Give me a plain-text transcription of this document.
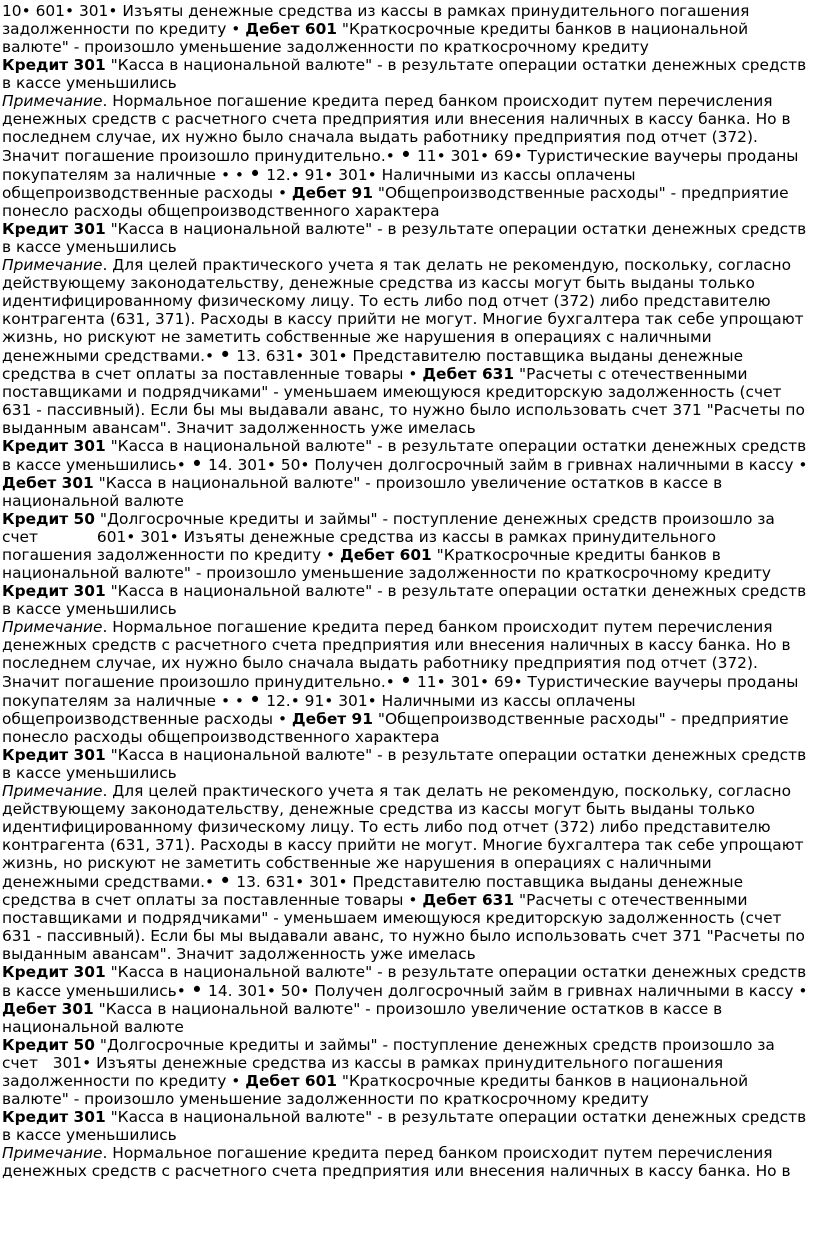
10• 601• 301• Изъяты денежные средства из кассы в рамках принудительного погашения задолженности по кредиту • Дебет 601 "Краткосрочные кредиты банков в национальной валюте" - произошло уменьшение задолженности по краткосрочному кредиту

Кредит 301 "Касса в национальной валюте" - в результате операции остатки денежных средств в кассе уменьшились

Примечание. Нормальное погашение кредита перед банком происходит путем перечисления денежных средств с расчетного счета предприятия или внесения наличных в кассу банка. Но в последнем случае, их нужно было сначала выдать работнику предприятия под отчет (372). Значит погашение произошло принудительно.• • 11• 301• 69• Туристические ваучеры проданы покупателям за наличные • • • 12.• 91• 301• Наличными из кассы оплачены общепроизводственные расходы • Дебет 91 "Общепроизводственные расходы" - предприятие понесло расходы общепроизводственного характера

Кредит 301 "Касса в национальной валюте" - в результате операции остатки денежных средств в кассе уменьшились

Примечание. Для целей практического учета я так делать не рекомендую, поскольку, согласно действующему законодательству, денежные средства из кассы могут быть выданы только идентифицированному физическому лицу. То есть либо под отчет (372) либо представителю контрагента (631, 371). Расходы в кассу прийти не могут. Многие бухгалтера так себе упрощают жизнь, но рискуют не заметить собственные же нарушения в операциях с наличными денежными средствами.• • 13. 631• 301• Представителю поставщика выданы денежные средства в счет оплаты за поставленные товары • Дебет 631 "Расчеты с отечественными поставщиками и подрядчиками" - уменьшаем имеющуюся кредиторскую задолженность (счет 631 - пассивный). Если бы мы выдавали аванс, то нужно было использовать счет 371 "Расчеты по выданным авансам". Значит задолженность уже имелась

Кредит 301 "Касса в национальной валюте" - в результате операции остатки денежных средств в кассе уменьшились• • 14. 301• 50• Получен долгосрочный займ в гривнах наличными в кассу • Дебет 301 "Касса в национальной валюте" - произошло увеличение остатков в кассе в национальной валюте

Кредит 50 "Долгосрочные кредиты и займы" - поступление денежных средств произошло за счет	601• 301• Изъяты денежные средства из кассы в рамках принудительного погашения задолженности по кредиту • Дебет 601 "Краткосрочные кредиты банков в национальной валюте" - произошло уменьшение задолженности по краткосрочному кредиту

Кредит 301 "Касса в национальной валюте" - в результате операции остатки денежных средств в кассе уменьшились

Примечание. Нормальное погашение кредита перед банком происходит путем перечисления денежных средств с расчетного счета предприятия или внесения наличных в кассу банка. Но в последнем случае, их нужно было сначала выдать работнику предприятия под отчет (372). Значит погашение произошло принудительно.• • 11• 301• 69• Туристические ваучеры проданы покупателям за наличные • • • 12.• 91• 301• Наличными из кассы оплачены общепроизводственные расходы • Дебет 91 "Общепроизводственные расходы" - предприятие понесло расходы общепроизводственного характера

Кредит 301 "Касса в национальной валюте" - в результате операции остатки денежных средств в кассе уменьшились

Примечание. Для целей практического учета я так делать не рекомендую, поскольку, согласно действующему законодательству, денежные средства из кассы могут быть выданы только идентифицированному физическому лицу. То есть либо под отчет (372) либо представителю контрагента (631, 371). Расходы в кассу прийти не могут. Многие бухгалтера так себе упрощают жизнь, но рискуют не заметить собственные же нарушения в операциях с наличными денежными средствами.• • 13. 631• 301• Представителю поставщика выданы денежные средства в счет оплаты за поставленные товары • Дебет 631 "Расчеты с отечественными поставщиками и подрядчиками" - уменьшаем имеющуюся кредиторскую задолженность (счет 631 - пассивный). Если бы мы выдавали аванс, то нужно было использовать счет 371 "Расчеты по выданным авансам". Значит задолженность уже имелась

Кредит 301 "Касса в национальной валюте" - в результате операции остатки денежных средств в кассе уменьшились• • 14. 301• 50• Получен долгосрочный займ в гривнах наличными в кассу • Дебет 301 "Касса в национальной валюте" - произошло увеличение остатков в кассе в национальной валюте

Кредит 50 "Долгосрочные кредиты и займы" - поступление денежных средств произошло за счет 301• Изъяты денежные средства из кассы в рамках принудительного погашения задолженности по кредиту • Дебет 601 "Краткосрочные кредиты банков в национальной валюте" - произошло уменьшение задолженности по краткосрочному кредиту

Кредит 301 "Касса в национальной валюте" - в результате операции остатки денежных средств в кассе уменьшились

Примечание. Нормальное погашение кредита перед банком происходит путем перечисления денежных средств с расчетного счета предприятия или внесения наличных в кассу банка. Но в
